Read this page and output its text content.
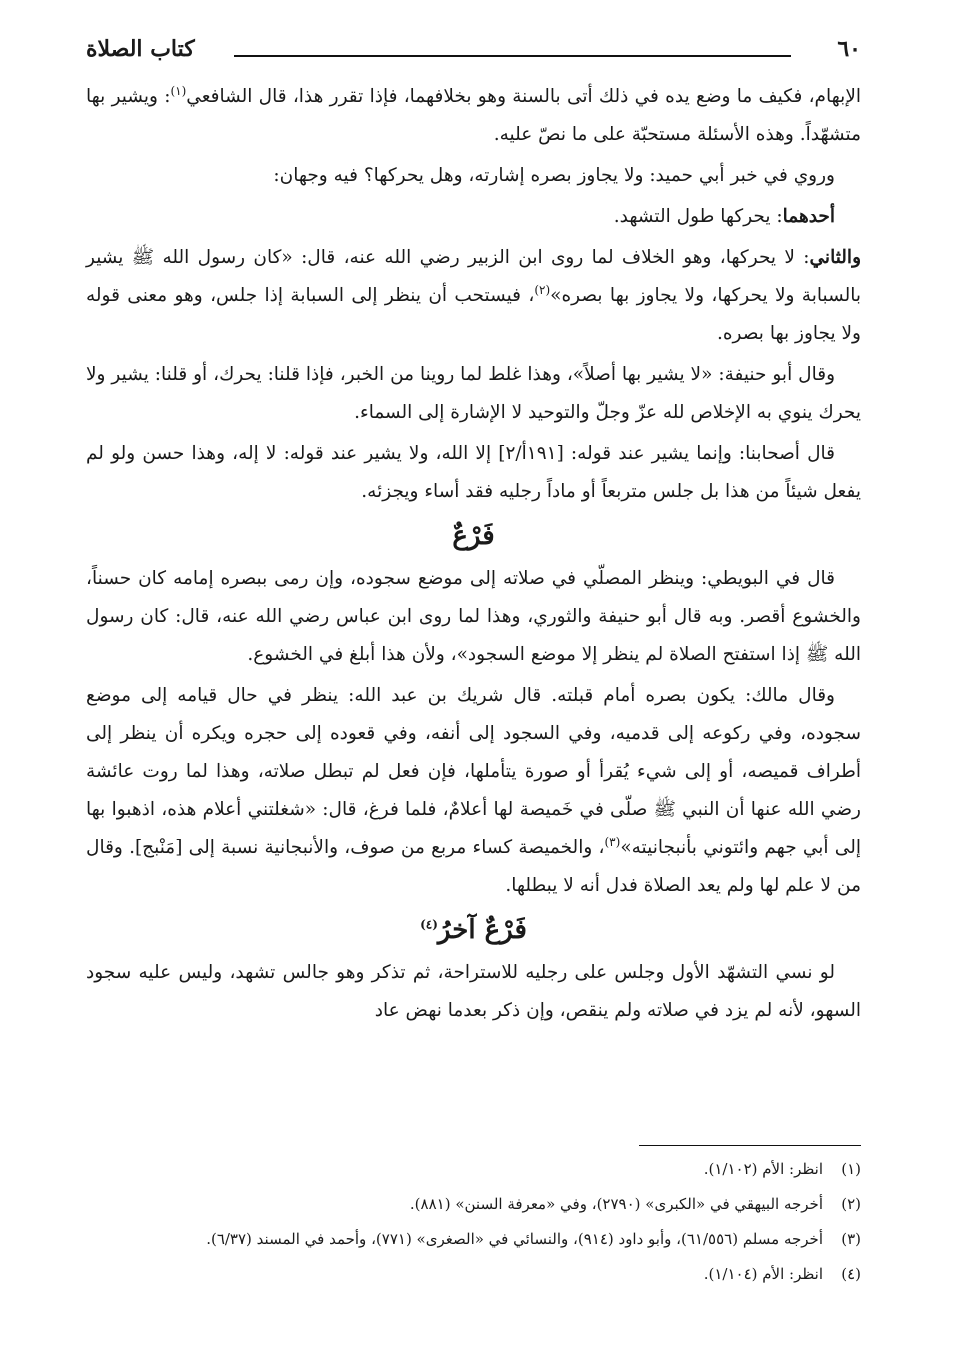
٦٠
كتاب الصلاة

الإبهام، فكيف ما وضع يده في ذلك أتى بالسنة وهو بخلافهما، فإذا تقرر هذا، قال الشافعي$^{(١)}$: ويشير بها متشهّداً. وهذه الأسئلة مستحبّة على ما نصّ عليه.

وروي في خبر أبي حميد: ولا يجاوز بصره إشارته، وهل يحركها؟ فيه وجهان:

أحدهما: يحركها طول التشهد.

والثاني: لا يحركها، وهو الخلاف لما روى ابن الزبير رضي الله عنه، قال: «كان رسول الله ﷺ يشير بالسبابة ولا يحركها، ولا يجاوز بها بصره»$^{(٢)}$، فيستحب أن ينظر إلى السبابة إذا جلس، وهو معنى قوله ولا يجاوز بها بصره.

وقال أبو حنيفة: «لا يشير بها أصلاً»، وهذا غلط لما روينا من الخبر، فإذا قلنا: يحرك، أو قلنا: يشير ولا يحرك ينوي به الإخلاص لله عزّ وجلّ والتوحيد لا الإشارة إلى السماء.

قال أصحابنا: وإنما يشير عند قوله: [١٩١أ/٢] إلا الله، ولا يشير عند قوله: لا إله، وهذا حسن ولو لم يفعل شيئاً من هذا بل جلس متربعاً أو ماداً رجليه فقد أساء ويجزئه.

فَرْعٌ

قال في البويطي: وينظر المصلّي في صلاته إلى موضع سجوده، وإن رمى ببصره إمامه كان حسناً، والخشوع أقصر. وبه قال أبو حنيفة والثوري، وهذا لما روى ابن عباس رضي الله عنه، قال: كان رسول الله ﷺ إذا استفتح الصلاة لم ينظر إلا موضع السجود»، ولأن هذا أبلغ في الخشوع.

وقال مالك: يكون بصره أمام قبلته. قال شريك بن عبد الله: ينظر في حال قيامه إلى موضع سجوده، وفي ركوعه إلى قدميه، وفي السجود إلى أنفه، وفي قعوده إلى حجره ويكره أن ينظر إلى أطراف قميصه، أو إلى شيء يُقرأ أو صورة يتأملها، فإن فعل لم تبطل صلاته، وهذا لما روت عائشة رضي الله عنها أن النبي ﷺ صلّى في خَميصة لها أعلامٌ، فلما فرغ، قال: «شغلتني أعلام هذه، اذهبوا بها إلى أبي جهم وائتوني بأنبجانيته»$^{(٣)}$، والخميصة كساء مربع من صوف، والأنبجانية نسبة إلى [مَنْبج]. وقال من لا علم لها ولم يعد الصلاة فدل أنه لا يبطلها.

فَرْعٌ آخرُ$^{(٤)}$

لو نسي التشهّد الأول وجلس على رجليه للاستراحة، ثم تذكر وهو جالس تشهد، وليس عليه سجود السهو، لأنه لم يزد في صلاته ولم ينقص، وإن ذكر بعدما نهض عاد

(١)
انظر: الأم (١/١٠٢).
(٢)
أخرجه البيهقي في «الكبرى» (٢٧٩٠)، وفي «معرفة السنن» (٨٨١).
(٣)
أخرجه مسلم (٦١/٥٥٦)، وأبو داود (٩١٤)، والنسائي في «الصغرى» (٧٧١)، وأحمد في المسند (٦/٣٧).
(٤)
انظر: الأم (١/١٠٤).
